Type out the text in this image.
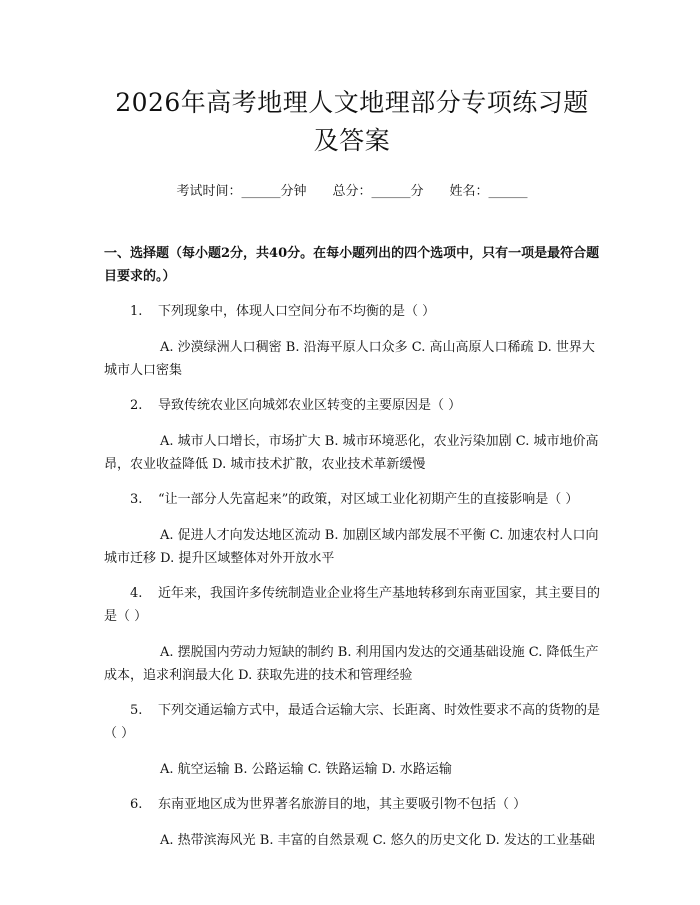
2026年高考地理人文地理部分专项练习题及答案
考试时间：______分钟 总分：______分 姓名：______
一、选择题（每小题2分，共40分。在每小题列出的四个选项中，只有一项是最符合题目要求的。）
1. 下列现象中，体现人口空间分布不均衡的是（ ）
A. 沙漠绿洲人口稠密 B. 沿海平原人口众多 C. 高山高原人口稀疏 D. 世界大城市人口密集
2. 导致传统农业区向城郊农业区转变的主要原因是（ ）
A. 城市人口增长，市场扩大 B. 城市环境恶化，农业污染加剧 C. 城市地价高昂，农业收益降低 D. 城市技术扩散，农业技术革新缓慢
3. “让一部分人先富起来”的政策，对区域工业化初期产生的直接影响是（ ）
A. 促进人才向发达地区流动 B. 加剧区域内部发展不平衡 C. 加速农村人口向城市迁移 D. 提升区域整体对外开放水平
4. 近年来，我国许多传统制造业企业将生产基地转移到东南亚国家，其主要目的是（ ）
A. 摆脱国内劳动力短缺的制约 B. 利用国内发达的交通基础设施 C. 降低生产成本，追求利润最大化 D. 获取先进的技术和管理经验
5. 下列交通运输方式中，最适合运输大宗、长距离、时效性要求不高的货物的是（ ）
A. 航空运输 B. 公路运输 C. 铁路运输 D. 水路运输
6. 东南亚地区成为世界著名旅游目的地，其主要吸引物不包括（ ）
A. 热带滨海风光 B. 丰富的自然景观 C. 悠久的历史文化 D. 发达的工业基础
